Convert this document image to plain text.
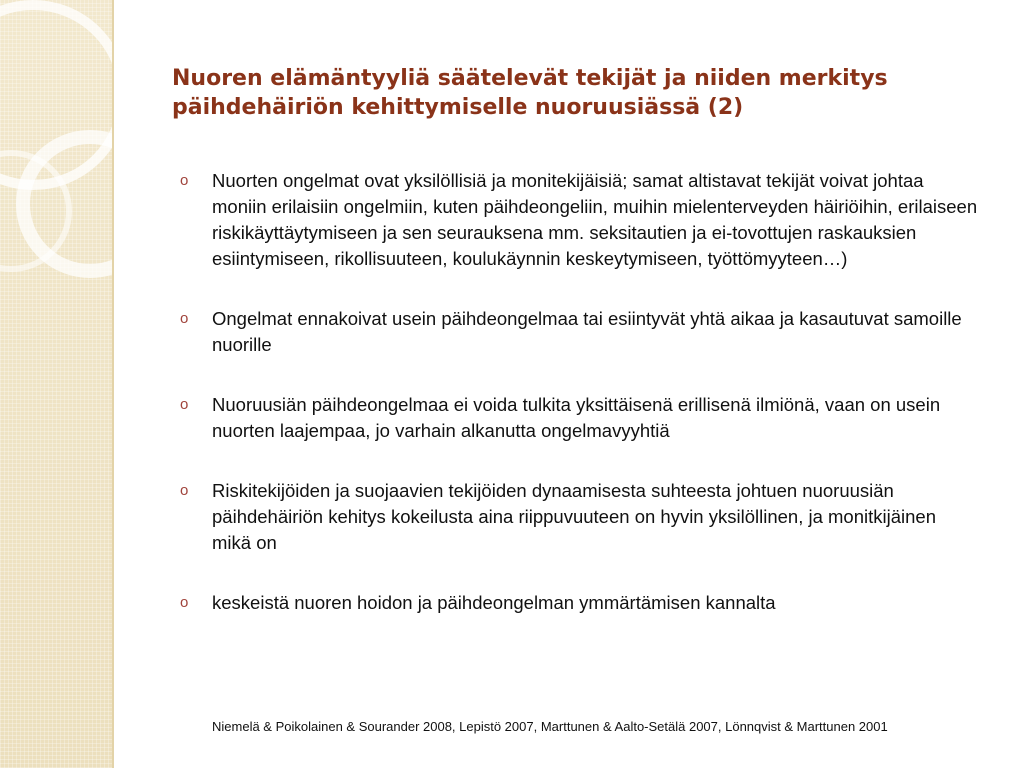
Nuoren elämäntyyliä säätelevät tekijät ja niiden merkitys päihdehäiriön kehittymiselle nuoruusiässä (2)
o	Nuorten ongelmat ovat yksilöllisiä ja monitekijäisiä; samat altistavat tekijät voivat johtaa moniin erilaisiin ongelmiin, kuten päihdeongeliin, muihin mielenterveyden häiriöihin, erilaiseen riskikäyttäytymiseen ja sen seurauksena mm. seksitautien ja ei-tovottujen raskauksien esiintymiseen, rikollisuuteen, koulukäynnin keskeytymiseen, työttömyyteen…)
o	Ongelmat ennakoivat usein päihdeongelmaa tai esiintyvät yhtä aikaa ja kasautuvat samoille nuorille
o	Nuoruusiän päihdeongelmaa ei voida tulkita yksittäisenä erillisenä ilmiönä, vaan on usein nuorten laajempaa, jo varhain alkanutta ongelmavyyhtiä
o	Riskitekijöiden ja suojaavien tekijöiden dynaamisesta suhteesta johtuen nuoruusiän päihdehäiriön kehitys kokeilusta aina riippuvuuteen on hyvin yksilöllinen, ja monitkijäinen mikä on
o	keskeistä nuoren hoidon ja päihdeongelman ymmärtämisen kannalta

Niemelä & Poikolainen & Sourander 2008, Lepistö 2007, Marttunen & Aalto-Setälä 2007, Lönnqvist & Marttunen 2001
